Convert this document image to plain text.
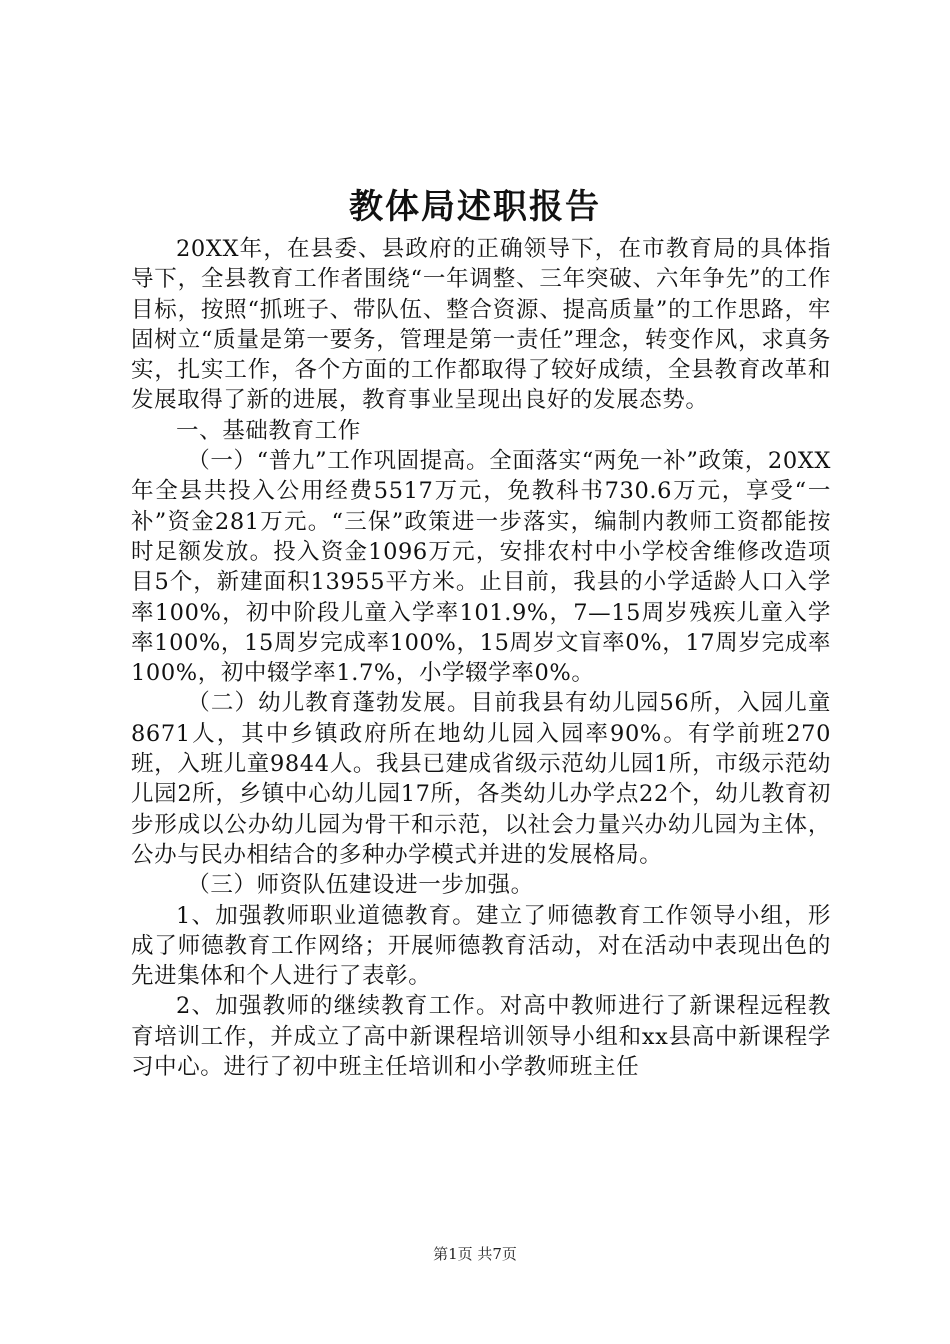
教体局述职报告

20XX年，在县委、县政府的正确领导下，在市教育局的具体指导下，全县教育工作者围绕“一年调整、三年突破、六年争先”的工作目标，按照“抓班子、带队伍、整合资源、提高质量”的工作思路，牢固树立“质量是第一要务，管理是第一责任”理念，转变作风，求真务实，扎实工作，各个方面的工作都取得了较好成绩，全县教育改革和发展取得了新的进展，教育事业呈现出良好的发展态势。

一、基础教育工作

（一）“普九”工作巩固提高。全面落实“两免一补”政策，20XX年全县共投入公用经费5517万元，免教科书730.6万元，享受“一补”资金281万元。“三保”政策进一步落实，编制内教师工资都能按时足额发放。投入资金1096万元，安排农村中小学校舍维修改造项目5个，新建面积13955平方米。止目前，我县的小学适龄人口入学率100%，初中阶段儿童入学率101.9%，7—15周岁残疾儿童入学率100%，15周岁完成率100%，15周岁文盲率0%，17周岁完成率100%，初中辍学率1.7%，小学辍学率0%。

（二）幼儿教育蓬勃发展。目前我县有幼儿园56所，入园儿童8671人，其中乡镇政府所在地幼儿园入园率90%。有学前班270班，入班儿童9844人。我县已建成省级示范幼儿园1所，市级示范幼儿园2所，乡镇中心幼儿园17所，各类幼儿办学点22个，幼儿教育初步形成以公办幼儿园为骨干和示范，以社会力量兴办幼儿园为主体，公办与民办相结合的多种办学模式并进的发展格局。

（三）师资队伍建设进一步加强。

1、加强教师职业道德教育。建立了师德教育工作领导小组，形成了师德教育工作网络；开展师德教育活动，对在活动中表现出色的先进集体和个人进行了表彰。

2、加强教师的继续教育工作。对高中教师进行了新课程远程教育培训工作，并成立了高中新课程培训领导小组和xx县高中新课程学习中心。进行了初中班主任培训和小学教师班主任

第1页 共7页
